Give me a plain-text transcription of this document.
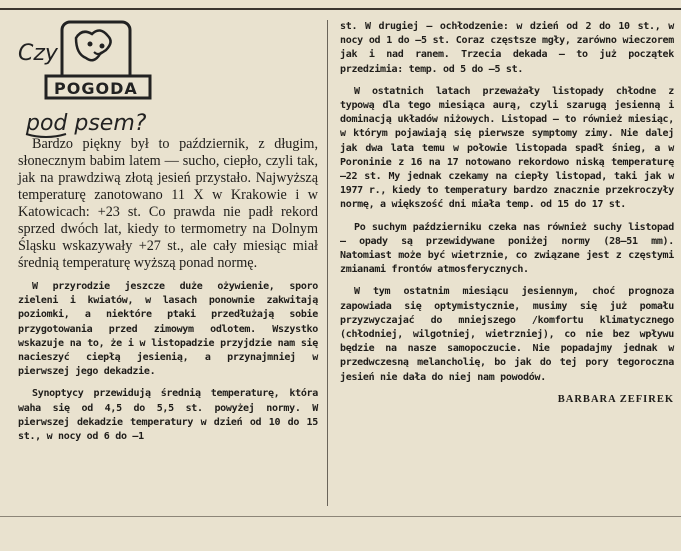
Czy
POGODA
pod psem?

Bardzo piękny był to październik, z długim, słonecznym babim latem — sucho, ciepło, czyli tak, jak na prawdziwą złotą jesień przystało. Najwyższą temperaturę zanotowano 11 X w Krakowie i w Katowicach: +23 st. Co prawda nie padł rekord sprzed dwóch lat, kiedy to termometry na Dolnym Śląsku wskazywały +27 st., ale cały miesiąc miał średnią temperaturę wyższą ponad normę.

W przyrodzie jeszcze duże ożywienie, sporo zieleni i kwiatów, w lasach ponownie zakwitają poziomki, a niektóre ptaki przedłużają sobie przygotowania przed zimowym odlotem. Wszystko wskazuje na to, że i w listopadzie przyjdzie nam się nacieszyć ciepłą jesienią, a przynajmniej w pierwszej jego dekadzie.

Synoptycy przewidują średnią temperaturę, która waha się od 4,5 do 5,5 st. powyżej normy. W pierwszej dekadzie temperatury w dzień od 10 do 15 st., w nocy od 6 do —1

st. W drugiej — ochłodzenie: w dzień od 2 do 10 st., w nocy od 1 do —5 st. Coraz częstsze mgły, zarówno wieczorem jak i nad ranem. Trzecia dekada — to już początek przedzimia: temp. od 5 do —5 st.

W ostatnich latach przeważały listopady chłodne z typową dla tego miesiąca aurą, czyli szarugą jesienną i dominacją układów niżowych. Listopad — to również miesiąc, w którym pojawiają się pierwsze symptomy zimy. Nie dalej jak dwa lata temu w połowie listopada spadł śnieg, a w Poroninie z 16 na 17 notowano rekordowo niską temperaturę —22 st. My jednak czekamy na ciepły listopad, taki jak w 1977 r., kiedy to temperatury bardzo znacznie przekroczyły normę, a większość dni miała temp. od 15 do 17 st.

Po suchym październiku czeka nas również suchy listopad — opady są przewidywane poniżej normy (28—51 mm). Natomiast może być wietrznie, co związane jest z częstymi zmianami frontów atmosferycznych.

W tym ostatnim miesiącu jesiennym, choć prognoza zapowiada się optymistycznie, musimy się już pomału przyzwyczajać do mniejszego /komfortu klimatycznego (chłodniej, wilgotniej, wietrzniej), co nie bez wpływu będzie na nasze samopoczucie. Nie popadajmy jednak w przedwczesną melancholię, bo jak do tej pory tegoroczna jesień nie dała do niej nam powodów.

BARBARA ZEFIREK
